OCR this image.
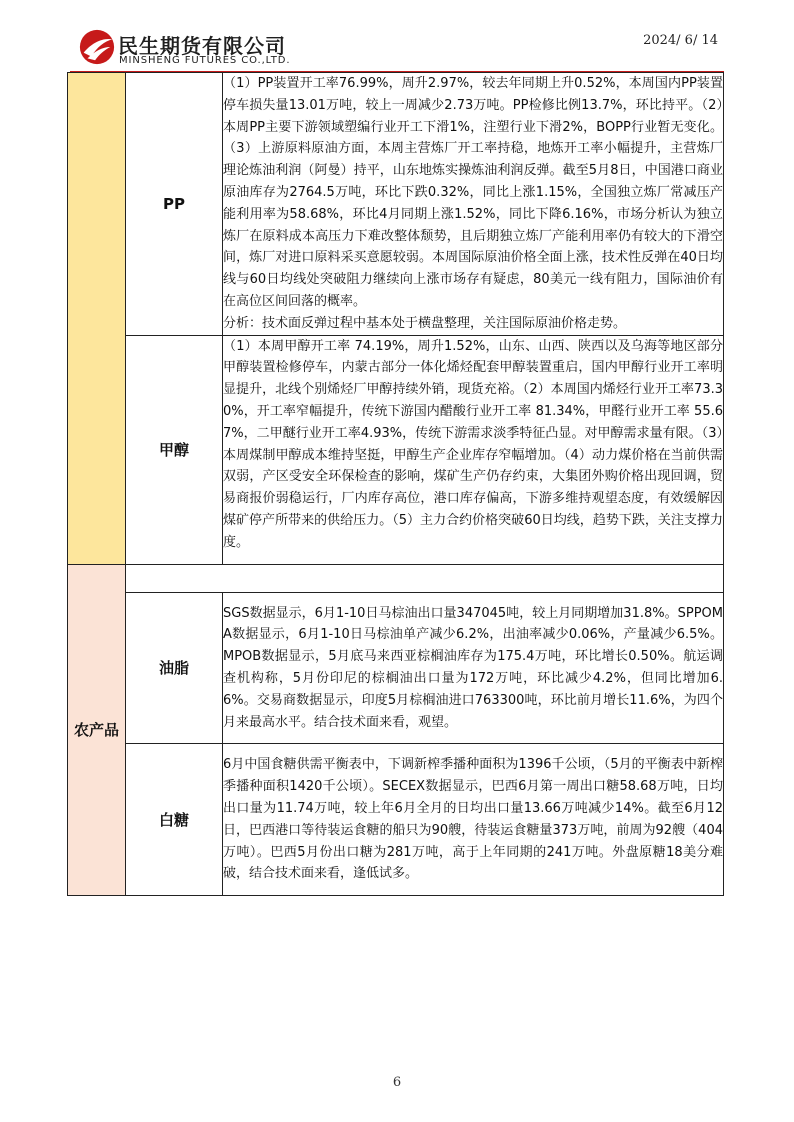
民生期货有限公司
MINSHENG FUTURES CO.,LTD.
2024/ 6/ 14
	PP	（1）PP装置开工率76.99%，周升2.97%，较去年同期上升0.52%，本周国内PP装置停车损失量13.01万吨，较上一周减少2.73万吨。PP检修比例13.7%，环比持平。（2）本周PP主要下游领域塑编行业开工下滑1%，注塑行业下滑2%，BOPP行业暂无变化。（3）上游原料原油方面，本周主营炼厂开工率持稳，地炼开工率小幅提升，主营炼厂理论炼油利润（阿曼）持平，山东地炼实操炼油利润反弹。截至5月8日，中国港口商业原油库存为2764.5万吨，环比下跌0.32%，同比上涨1.15%，全国独立炼厂常减压产能利用率为58.68%，环比4月同期上涨1.52%，同比下降6.16%，市场分析认为独立炼厂在原料成本高压力下难改整体颓势，且后期独立炼厂产能利用率仍有较大的下滑空间，炼厂对进口原料采买意愿较弱。本周国际原油价格全面上涨，技术性反弹在40日均线与60日均线处突破阻力继续向上涨市场存有疑虑，80美元一线有阻力，国际油价有在高位区间回落的概率。

分析：技术面反弹过程中基本处于横盘整理，关注国际原油价格走势。

	甲醇	（1）本周甲醇开工率 74.19%，周升1.52%，山东、山西、陕西以及乌海等地区部分甲醇装置检修停车，内蒙古部分一体化烯烃配套甲醇装置重启，国内甲醇行业开工率明显提升，北线个别烯烃厂甲醇持续外销，现货充裕。（2）本周国内烯烃行业开工率73.30%，开工率窄幅提升，传统下游国内醋酸行业开工率 81.34%，甲醛行业开工率 55.67%，二甲醚行业开工率4.93%，传统下游需求淡季特征凸显。对甲醇需求量有限。（3）本周煤制甲醇成本维持坚挺，甲醇生产企业库存窄幅增加。（4）动力煤价格在当前供需双弱，产区受安全环保检查的影响，煤矿生产仍存约束，大集团外购价格出现回调，贸易商报价弱稳运行，厂内库存高位，港口库存偏高，下游多维持观望态度，有效缓解因煤矿停产所带来的供给压力。（5）主力合约价格突破60日均线，趋势下跌，关注支撑力度。

农产品		
	油脂	SGS数据显示，6月1-10日马棕油出口量347045吨，较上月同期增加31.8%。SPPOMA数据显示，6月1-10日马棕油单产减少6.2%，出油率减少0.06%，产量减少6.5%。MPOB数据显示，5月底马来西亚棕榈油库存为175.4万吨，环比增长0.50%。航运调查机构称，5月份印尼的棕榈油出口量为172万吨，环比减少4.2%，但同比增加6.6%。交易商数据显示，印度5月棕榈油进口763300吨，环比前月增长11.6%，为四个月来最高水平。结合技术面来看，观望。

	白糖	6月中国食糖供需平衡表中，下调新榨季播种面积为1396千公顷，（5月的平衡表中新榨季播种面积1420千公顷）。SECEX数据显示，巴西6月第一周出口糖58.68万吨，日均出口量为11.74万吨，较上年6月全月的日均出口量13.66万吨减少14%。截至6月12日，巴西港口等待装运食糖的船只为90艘，待装运食糖量373万吨，前周为92艘（404万吨）。巴西5月份出口糖为281万吨，高于上年同期的241万吨。外盘原糖18美分难破，结合技术面来看，逢低试多。

6
